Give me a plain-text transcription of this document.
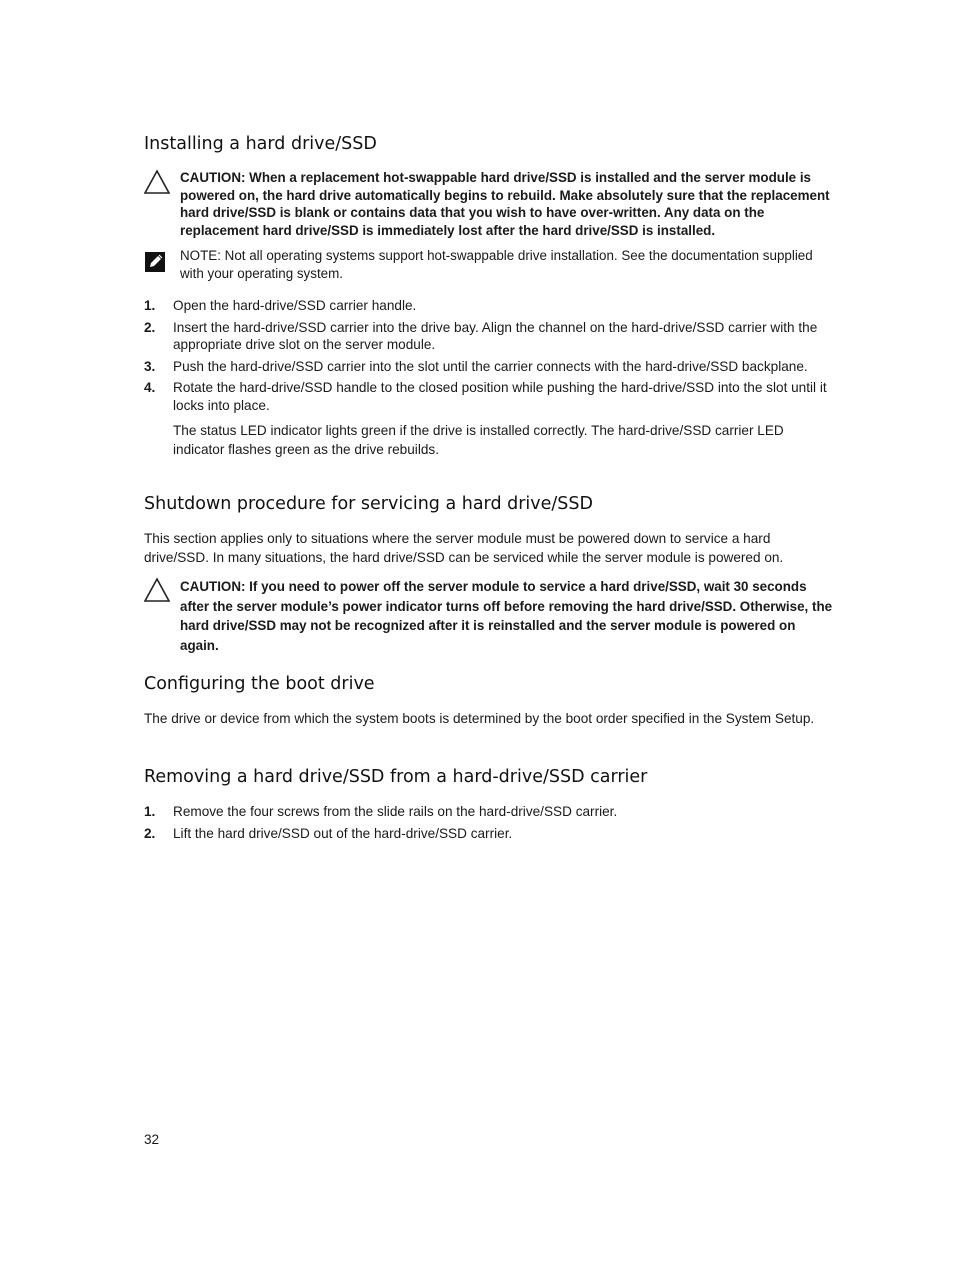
Installing a hard drive/SSD

CAUTION: When a replacement hot-swappable hard drive/SSD is installed and the server module is powered on, the hard drive automatically begins to rebuild. Make absolutely sure that the replacement hard drive/SSD is blank or contains data that you wish to have over-written. Any data on the replacement hard drive/SSD is immediately lost after the hard drive/SSD is installed.

NOTE: Not all operating systems support hot-swappable drive installation. See the documentation supplied with your operating system.

1. Open the hard-drive/SSD carrier handle.
2. Insert the hard-drive/SSD carrier into the drive bay. Align the channel on the hard-drive/SSD carrier with the appropriate drive slot on the server module.
3. Push the hard-drive/SSD carrier into the slot until the carrier connects with the hard-drive/SSD backplane.
4. Rotate the hard-drive/SSD handle to the closed position while pushing the hard-drive/SSD into the slot until it locks into place.

The status LED indicator lights green if the drive is installed correctly. The hard-drive/SSD carrier LED indicator flashes green as the drive rebuilds.

Shutdown procedure for servicing a hard drive/SSD

This section applies only to situations where the server module must be powered down to service a hard drive/SSD. In many situations, the hard drive/SSD can be serviced while the server module is powered on.

CAUTION: If you need to power off the server module to service a hard drive/SSD, wait 30 seconds after the server module’s power indicator turns off before removing the hard drive/SSD. Otherwise, the hard drive/SSD may not be recognized after it is reinstalled and the server module is powered on again.

Configuring the boot drive

The drive or device from which the system boots is determined by the boot order specified in the System Setup.

Removing a hard drive/SSD from a hard-drive/SSD carrier
1. Remove the four screws from the slide rails on the hard-drive/SSD carrier.
2. Lift the hard drive/SSD out of the hard-drive/SSD carrier.
32
